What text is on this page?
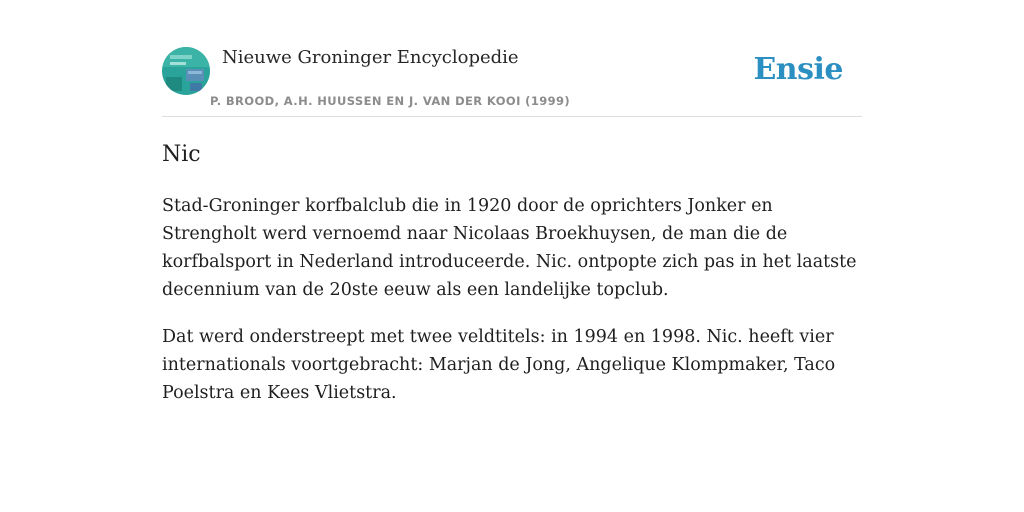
Nieuwe Groninger Encyclopedie
P. BROOD, A.H. HUUSSEN EN J. VAN DER KOOI (1999)
Ensie
Nic

Stad-Groninger korfbalclub die in 1920 door de oprichters Jonker en Strengholt werd vernoemd naar Nicolaas Broekhuysen, de man die de korfbalsport in Nederland introduceerde. Nic. ontpopte zich pas in het laatste decennium van de 20ste eeuw als een landelijke topclub.

Dat werd onderstreept met twee veldtitels: in 1994 en 1998. Nic. heeft vier internationals voortgebracht: Marjan de Jong, Angelique Klompmaker, Taco Poelstra en Kees Vlietstra.
